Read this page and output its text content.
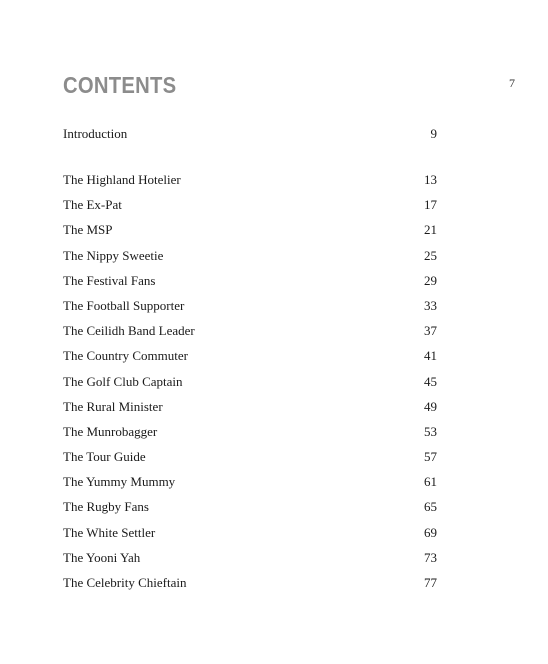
7
CONTENTS
Introduction	9
The Highland Hotelier	13
The Ex-Pat	17
The MSP	21
The Nippy Sweetie	25
The Festival Fans	29
The Football Supporter	33
The Ceilidh Band Leader	37
The Country Commuter	41
The Golf Club Captain	45
The Rural Minister	49
The Munrobagger	53
The Tour Guide	57
The Yummy Mummy	61
The Rugby Fans	65
The White Settler	69
The Yooni Yah	73
The Celebrity Chieftain	77
